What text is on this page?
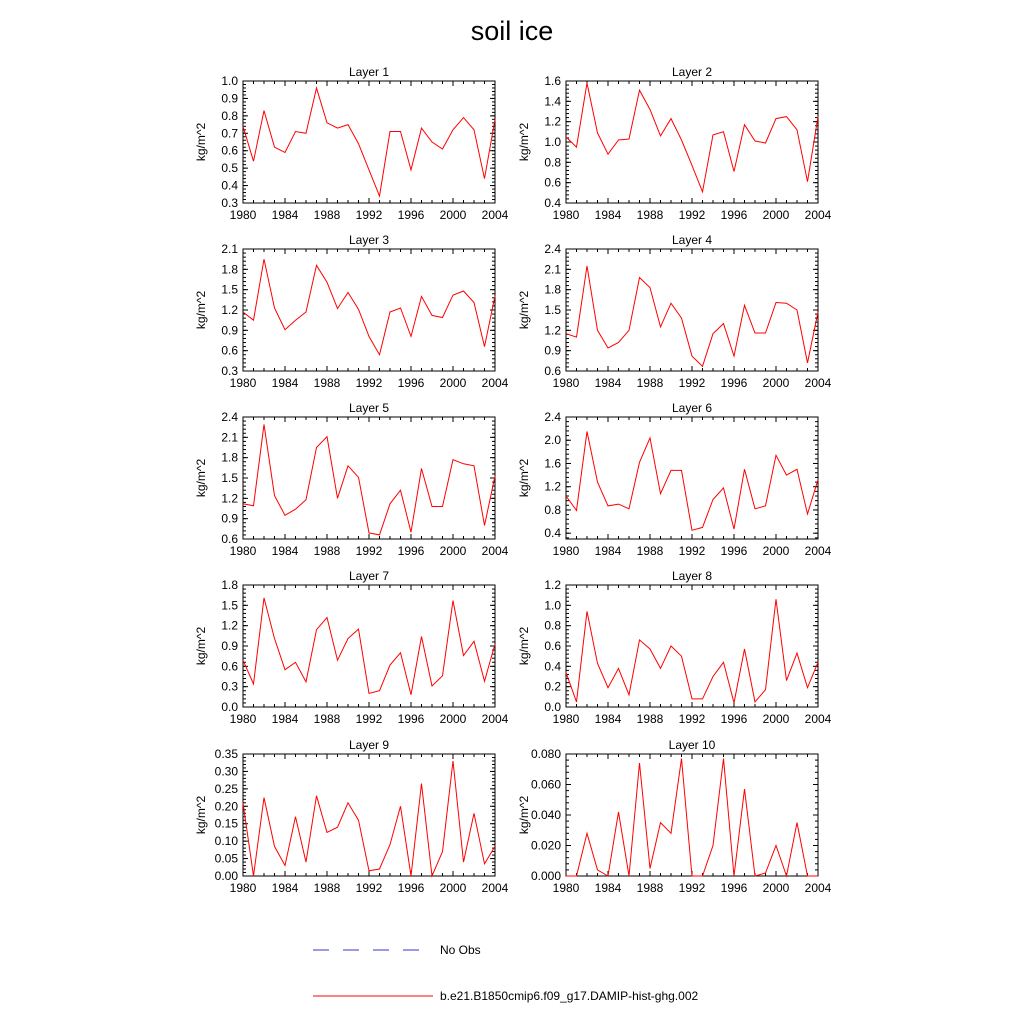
soil ice
Layer 1
kg/m^2
1980 1984 1988 1992 1996 2000 2004
0.3
0.4
0.5
0.6
0.7
0.8
0.9
1.0
Layer 2
kg/m^2
1980 1984 1988 1992 1996 2000 2004
0.4
0.6
0.8
1.0
1.2
1.4
1.6
Layer 3
kg/m^2
1980 1984 1988 1992 1996 2000 2004
0.3
0.6
0.9
1.2
1.5
1.8
2.1
Layer 4
kg/m^2
1980 1984 1988 1992 1996 2000 2004
0.6
0.9
1.2
1.5
1.8
2.1
2.4
Layer 5
kg/m^2
1980 1984 1988 1992 1996 2000 2004
0.6
0.9
1.2
1.5
1.8
2.1
2.4
Layer 6
kg/m^2
1980 1984 1988 1992 1996 2000 2004
0.4
0.8
1.2
1.6
2.0
2.4
Layer 7
kg/m^2
1980 1984 1988 1992 1996 2000 2004
0.0
0.3
0.6
0.9
1.2
1.5
1.8
Layer 8
kg/m^2
1980 1984 1988 1992 1996 2000 2004
0.0
0.2
0.4
0.6
0.8
1.0
1.2
Layer 9
kg/m^2
1980 1984 1988 1992 1996 2000 2004
0.00
0.05
0.10
0.15
0.20
0.25
0.30
0.35
Layer 10
kg/m^2
1980 1984 1988 1992 1996 2000 2004
0.000
0.020
0.040
0.060
0.080
No Obs
b.e21.B1850cmip6.f09_g17.DAMIP-hist-ghg.002
